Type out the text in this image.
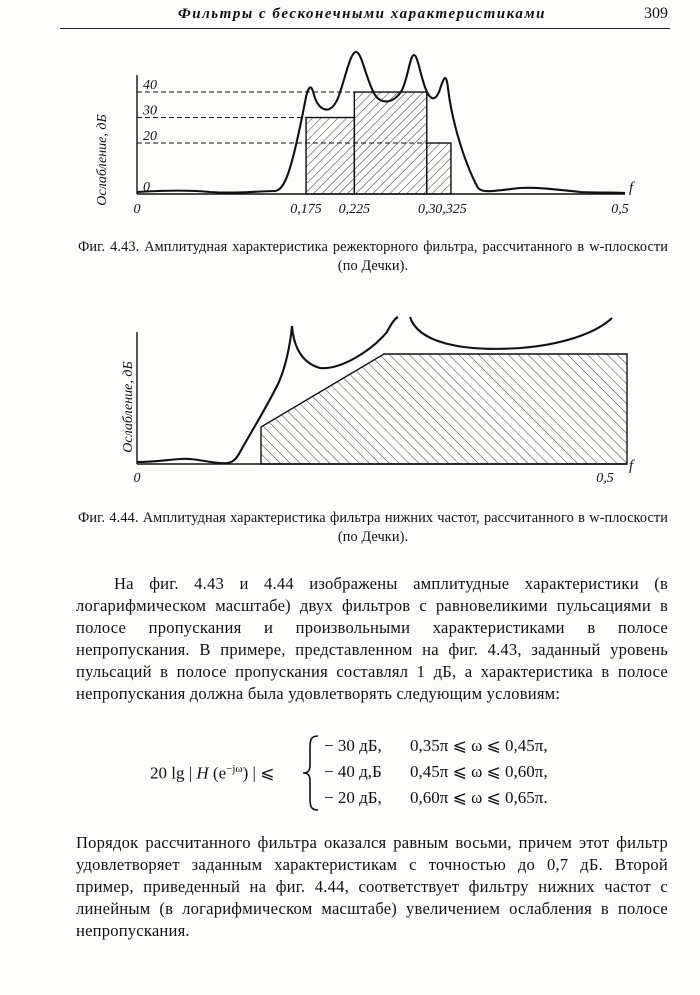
Фильтры с бесконечными характеристиками	309
40
30
20
0
0	0,175 0,225	0,3 0,325	0,5
Ослабление, дБ	f
Фиг. 4.43. Амплитудная характеристика режекторного фильтра, рассчитанного в w-плоскости (по Дечки).
0	0,5
Ослабление, дБ
f
Фиг. 4.44. Амплитудная характеристика фильтра нижних частот, рассчитанного в w-плоскости (по Дечки).
На фиг. 4.43 и 4.44 изображены амплитудные характеристики (в логарифмическом масштабе) двух фильтров с равновеликими пульсациями в полосе пропускания и произвольными характеристиками в полосе непропускания. В примере, представленном на фиг. 4.43, заданный уровень пульсаций в полосе пропускания составлял 1 дБ, а характеристика в полосе непропускания должна была удовлетворять следующим условиям:
20 lg | H $(e^{-j\omega})$ | ⩽
− 30 дБ, 0,35π ⩽ ω ⩽ 0,45π,
− 40 д,Б 0,45π ⩽ ω ⩽ 0,60π,
− 20 дБ, 0,60π ⩽ ω ⩽ 0,65π.
Порядок рассчитанного фильтра оказался равным восьми, причем этот фильтр удовлетворяет заданным характеристикам с точностью до 0,7 дБ. Второй пример, приведенный на фиг. 4.44, соответствует фильтру нижних частот с линейным (в логарифмическом масштабе) увеличением ослабления в полосе непропускания.
